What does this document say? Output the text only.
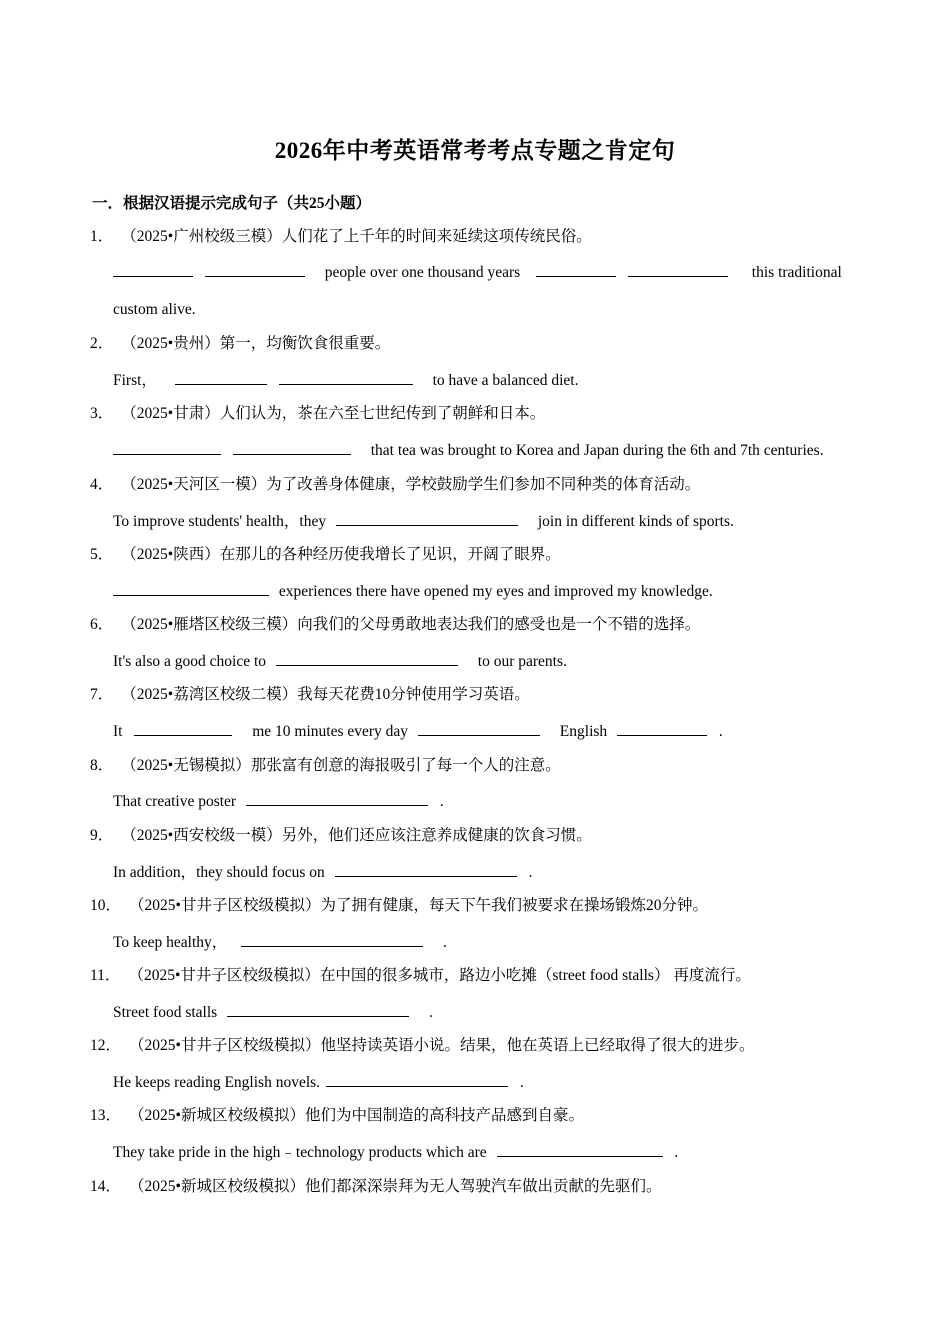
2026年中考英语常考考点专题之肯定句
一．根据汉语提示完成句子（共25小题）
1． （2025•广州校级三模）人们花了上千年的时间来延续这项传统民俗。
people over one thousand years	this traditional
custom alive.
2． （2025•贵州）第一，均衡饮食很重要。
First，	to have a balanced diet.
3． （2025•甘肃）人们认为，茶在六至七世纪传到了朝鲜和日本。
that tea was brought to Korea and Japan during the 6th and 7th centuries.
4． （2025•天河区一模）为了改善身体健康，学校鼓励学生们参加不同种类的体育活动。
To improve students' health，they	join in different kinds of sports.
5． （2025•陕西）在那儿的各种经历使我增长了见识，开阔了眼界。
experiences there have opened my eyes and improved my knowledge.
6． （2025•雁塔区校级三模）向我们的父母勇敢地表达我们的感受也是一个不错的选择。
It's also a good choice to	to our parents.
7． （2025•荔湾区校级二模）我每天花费10分钟使用学习英语。
It	me 10 minutes every day	English	.
8． （2025•无锡模拟）那张富有创意的海报吸引了每一个人的注意。
That creative poster	.
9． （2025•西安校级一模）另外，他们还应该注意养成健康的饮食习惯。
In addition，they should focus on	.
10． （2025•甘井子区校级模拟）为了拥有健康，每天下午我们被要求在操场锻炼20分钟。
To keep healthy，	.
11． （2025•甘井子区校级模拟）在中国的很多城市，路边小吃摊（street food stalls） 再度流行。
Street food stalls	.
12． （2025•甘井子区校级模拟）他坚持读英语小说。结果，他在英语上已经取得了很大的进步。
He keeps reading English novels.	.
13． （2025•新城区校级模拟）他们为中国制造的高科技产品感到自豪。
They take pride in the high﹣technology products which are	.
14． （2025•新城区校级模拟）他们都深深崇拜为无人驾驶汽车做出贡献的先驱们。
